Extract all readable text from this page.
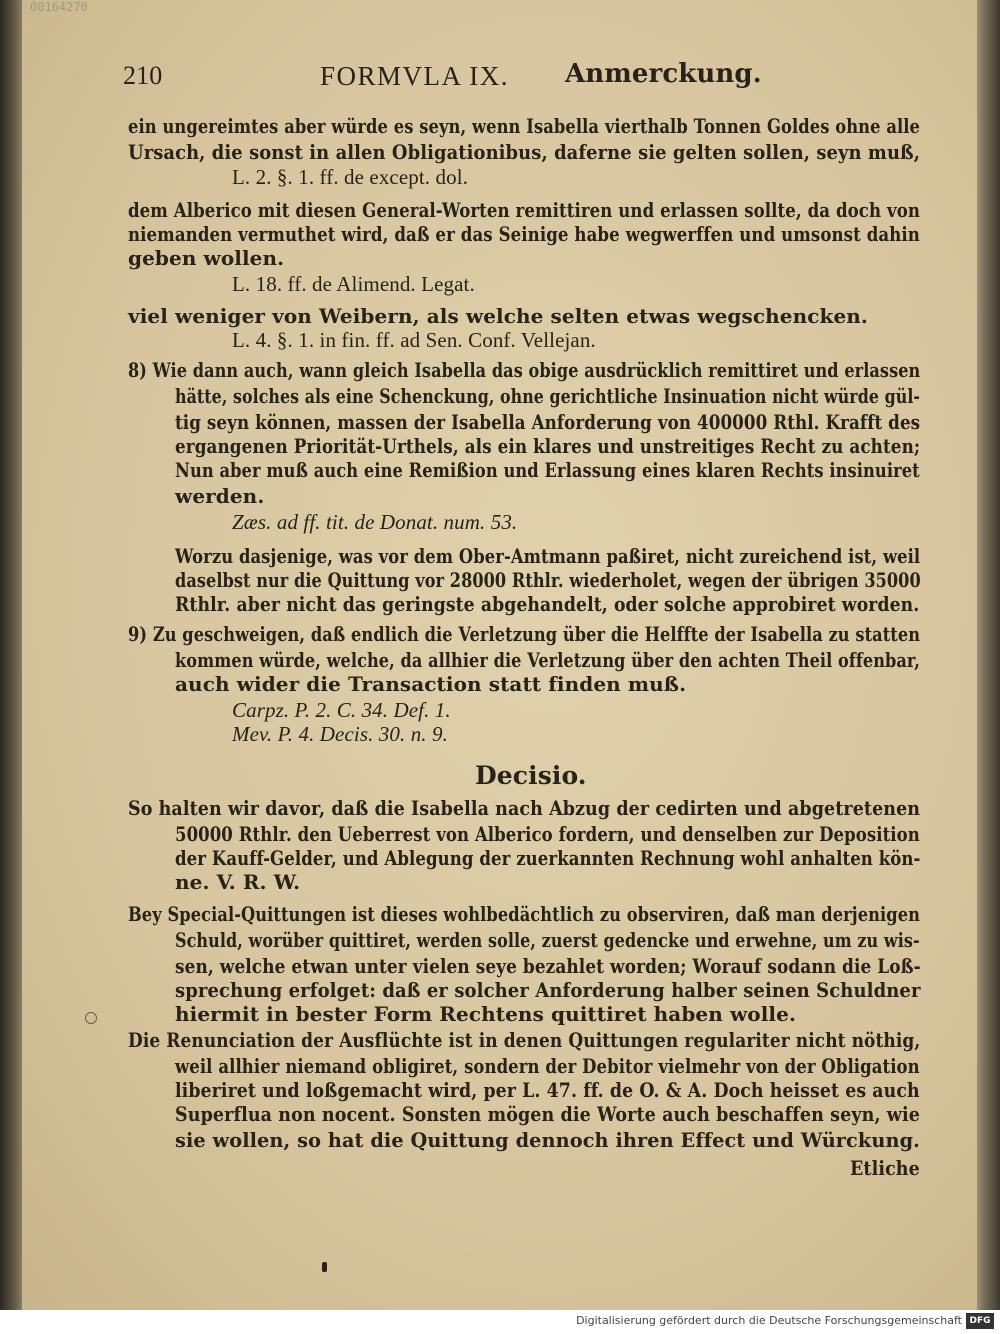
00164270
210	FORMVLA IX. Anmerckung.
ein ungereimtes aber würde es seyn, wenn Isabella vierthalb Tonnen Goldes ohne alle
Ursach, die sonst in allen Obligationibus, daferne sie gelten sollen, seyn muß,
L. 2. §. 1. ff. de except. dol.
dem Alberico mit diesen General-Worten remittiren und erlassen sollte, da doch von
niemanden vermuthet wird, daß er das Seinige habe wegwerffen und umsonst dahin
geben wollen.
L. 18. ff. de Alimend. Legat.
viel weniger von Weibern, als welche selten etwas wegschencken.
L. 4. §. 1. in fin. ff. ad Sen. Conf. Vellejan.
8) Wie dann auch, wann gleich Isabella das obige ausdrücklich remittiret und erlassen
hätte, solches als eine Schenckung, ohne gerichtliche Insinuation nicht würde gül-
tig seyn können, massen der Isabella Anforderung von 400000 Rthl. Krafft des
ergangenen Priorität-Urthels, als ein klares und unstreitiges Recht zu achten;
Nun aber muß auch eine Remißion und Erlassung eines klaren Rechts insinuiret
werden.
Zæs. ad ff. tit. de Donat. num. 53.
Worzu dasjenige, was vor dem Ober-Amtmann paßiret, nicht zureichend ist, weil
daselbst nur die Quittung vor 28000 Rthlr. wiederholet, wegen der übrigen 35000
Rthlr. aber nicht das geringste abgehandelt, oder solche approbiret worden.
9) Zu geschweigen, daß endlich die Verletzung über die Helffte der Isabella zu statten
kommen würde, welche, da allhier die Verletzung über den achten Theil offenbar,
auch wider die Transaction statt finden muß.
Carpz. P. 2. C. 34. Def. 1.
Mev. P. 4. Decis. 30. n. 9.
Decisio.
So halten wir davor, daß die Isabella nach Abzug der cedirten und abgetretenen
50000 Rthlr. den Ueberrest von Alberico fordern, und denselben zur Deposition
der Kauff-Gelder, und Ablegung der zuerkannten Rechnung wohl anhalten kön-
ne. V. R. W.
Bey Special-Quittungen ist dieses wohlbedächtlich zu observiren, daß man derjenigen
Schuld, worüber quittiret, werden solle, zuerst gedencke und erwehne, um zu wis-
sen, welche etwan unter vielen seye bezahlet worden; Worauf sodann die Loß-
sprechung erfolget: daß er solcher Anforderung halber seinen Schuldner
hiermit in bester Form Rechtens quittiret haben wolle.
Die Renunciation der Ausflüchte ist in denen Quittungen regulariter nicht nöthig,
weil allhier niemand obligiret, sondern der Debitor vielmehr von der Obligation
liberiret und loßgemacht wird, per L. 47. ff. de O. & A. Doch heisset es auch
Superflua non nocent. Sonsten mögen die Worte auch beschaffen seyn, wie
sie wollen, so hat die Quittung dennoch ihren Effect und Würckung.
Etliche
Digitalisierung gefördert durch die Deutsche Forschungsgemeinschaft DFG
